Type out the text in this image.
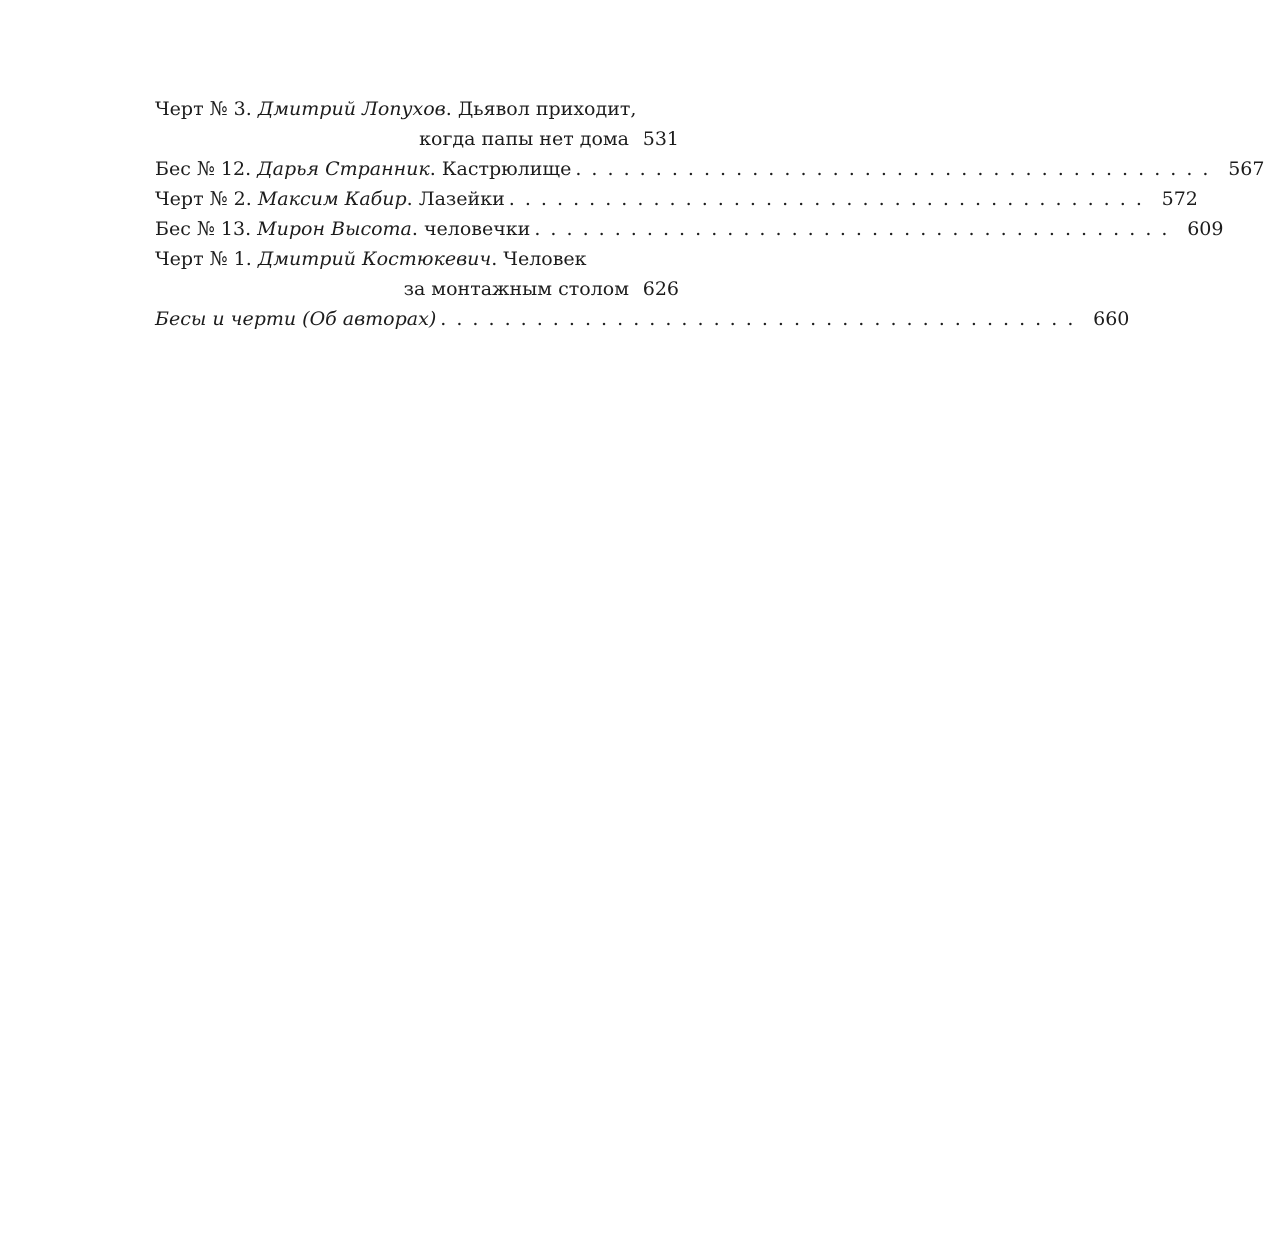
Черт № 3. Дмитрий Лопухов. Дьявол приходит,
когда папы нет дома 531
Бес № 12. Дарья Странник. Кастрюлище . . . . . . . . . . . . . . . . . . . . . . . . . . . . . . . . . . . . . . . . 567
Черт № 2. Максим Кабир. Лазейки . . . . . . . . . . . . . . . . . . . . . . . . . . . . . . . . . . . . . . . . 572
Бес № 13. Мирон Высота. человечки . . . . . . . . . . . . . . . . . . . . . . . . . . . . . . . . . . . . . . . . 609
Черт № 1. Дмитрий Костюкевич. Человек
за монтажным столом 626
Бесы и черти (Об авторах) . . . . . . . . . . . . . . . . . . . . . . . . . . . . . . . . . . . . . . . . 660
